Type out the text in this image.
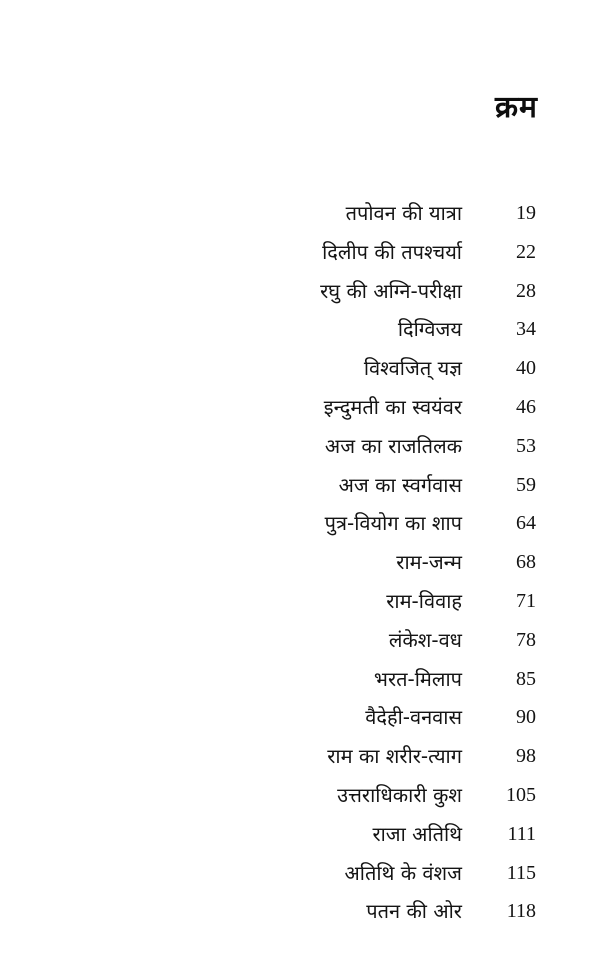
क्रम
तपोवन की यात्रा	19
दिलीप की तपश्चर्या	22
रघु की अग्नि-परीक्षा	28
दिग्विजय	34
विश्वजित् यज्ञ	40
इन्दुमती का स्वयंवर	46
अज का राजतिलक	53
अज का स्वर्गवास	59
पुत्र-वियोग का शाप	64
राम-जन्म	68
राम-विवाह	71
लंकेश-वध	78
भरत-मिलाप	85
वैदेही-वनवास	90
राम का शरीर-त्याग	98
उत्तराधिकारी कुश 105
राजा अतिथि 111
अतिथि के वंशज 115
पतन की ओर 118
